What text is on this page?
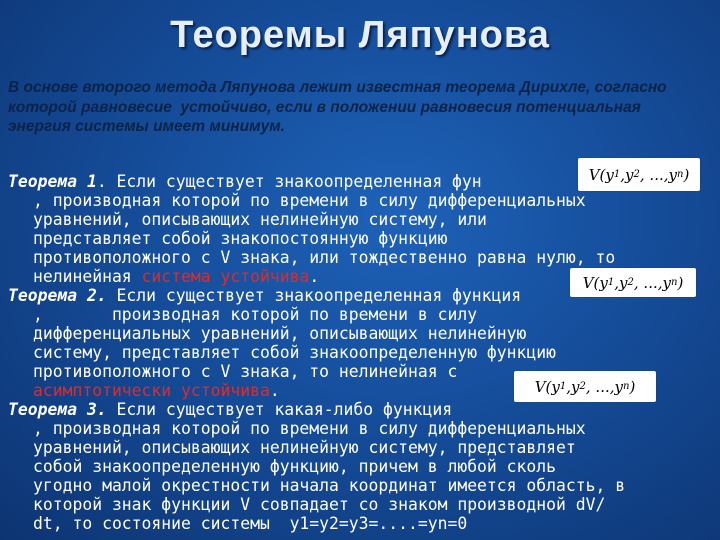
Теоремы Ляпунова
В основе второго метода Ляпунова лежит известная теорема Дирихле, согласно
которой равновесие  устойчиво, если в положении равновесия потенциальная
энергия системы имеет минимум.
Теорема 1. Если существует знакоопределенная фун
, производная которой по времени в силу дифференциальных
уравнений, описывающих нелинейную систему, или
представляет собой знакопостоянную функцию
противоположного с V знака, или тождественно равна нулю, то
нелинейная система устойчива.
Теорема 2. Если существует знакоопределенная функция
,       производная которой по времени в силу
дифференциальных уравнений, описывающих нелинейную
систему, представляет собой знакоопределенную функцию
противоположного с V знака, то нелинейная с
асимптотически устойчива.
Теорема 3. Если существует какая-либо функция
, производная которой по времени в силу дифференциальных
уравнений, описывающих нелинейную систему, представляет
собой знакоопределенную функцию, причем в любой сколь
угодно малой окрестности начала координат имеется область, в
которой знак функции V совпадает со знаком производной dV/
dt, то состояние системы  y1=y2=y3=....=yn=0
V ( y 1 , y 2 , ..., y n )
V ( y 1 , y 2 , ..., y n )
V ( y 1 , y 2 , ..., y n )
